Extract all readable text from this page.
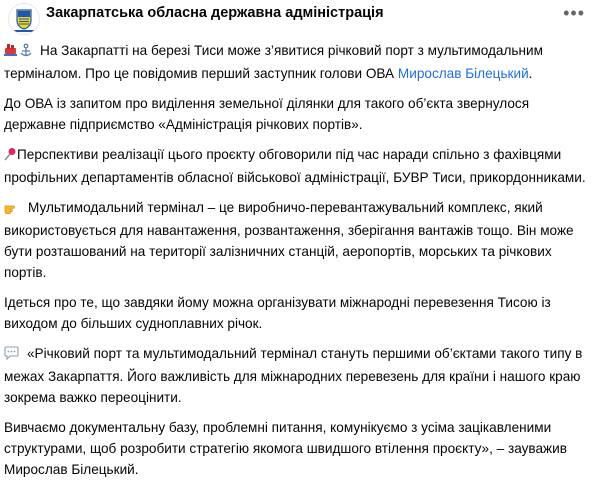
Закарпатська обласна державна адміністрація	•••

На Закарпатті на березі Тиси може з’явитися річковий порт з мультимодальним терміналом. Про це повідомив перший заступник голови ОВА Мирослав Білецький.

До ОВА із запитом про виділення земельної ділянки для такого об’єкта звернулося державне підприємство «Адміністрація річкових портів».

Перспективи реалізації цього проєкту обговорили під час наради спільно з фахівцями профільних департаментів обласної військової адміністрації, БУВР Тиси, прикордонниками.

Мультимодальний термінал – це виробничо-перевантажувальний комплекс, який використовується для навантаження, розвантаження, зберігання вантажів тощо. Він може бути розташований на території залізничних станцій, аеропортів, морських та річкових портів.

Ідеться про те, що завдяки йому можна організувати міжнародні перевезення Тисою із виходом до більших судноплавних річок.

«Річковий порт та мультимодальний термінал стануть першими об’єктами такого типу в межах Закарпаття. Його важливість для міжнародних перевезень для країни і нашого краю зокрема важко переоцінити.

Вивчаємо документальну базу, проблемні питання, комунікуємо з усіма зацікавленими структурами, щоб розробити стратегію якомога швидшого втілення проєкту», – зауважив Мирослав Білецький.
